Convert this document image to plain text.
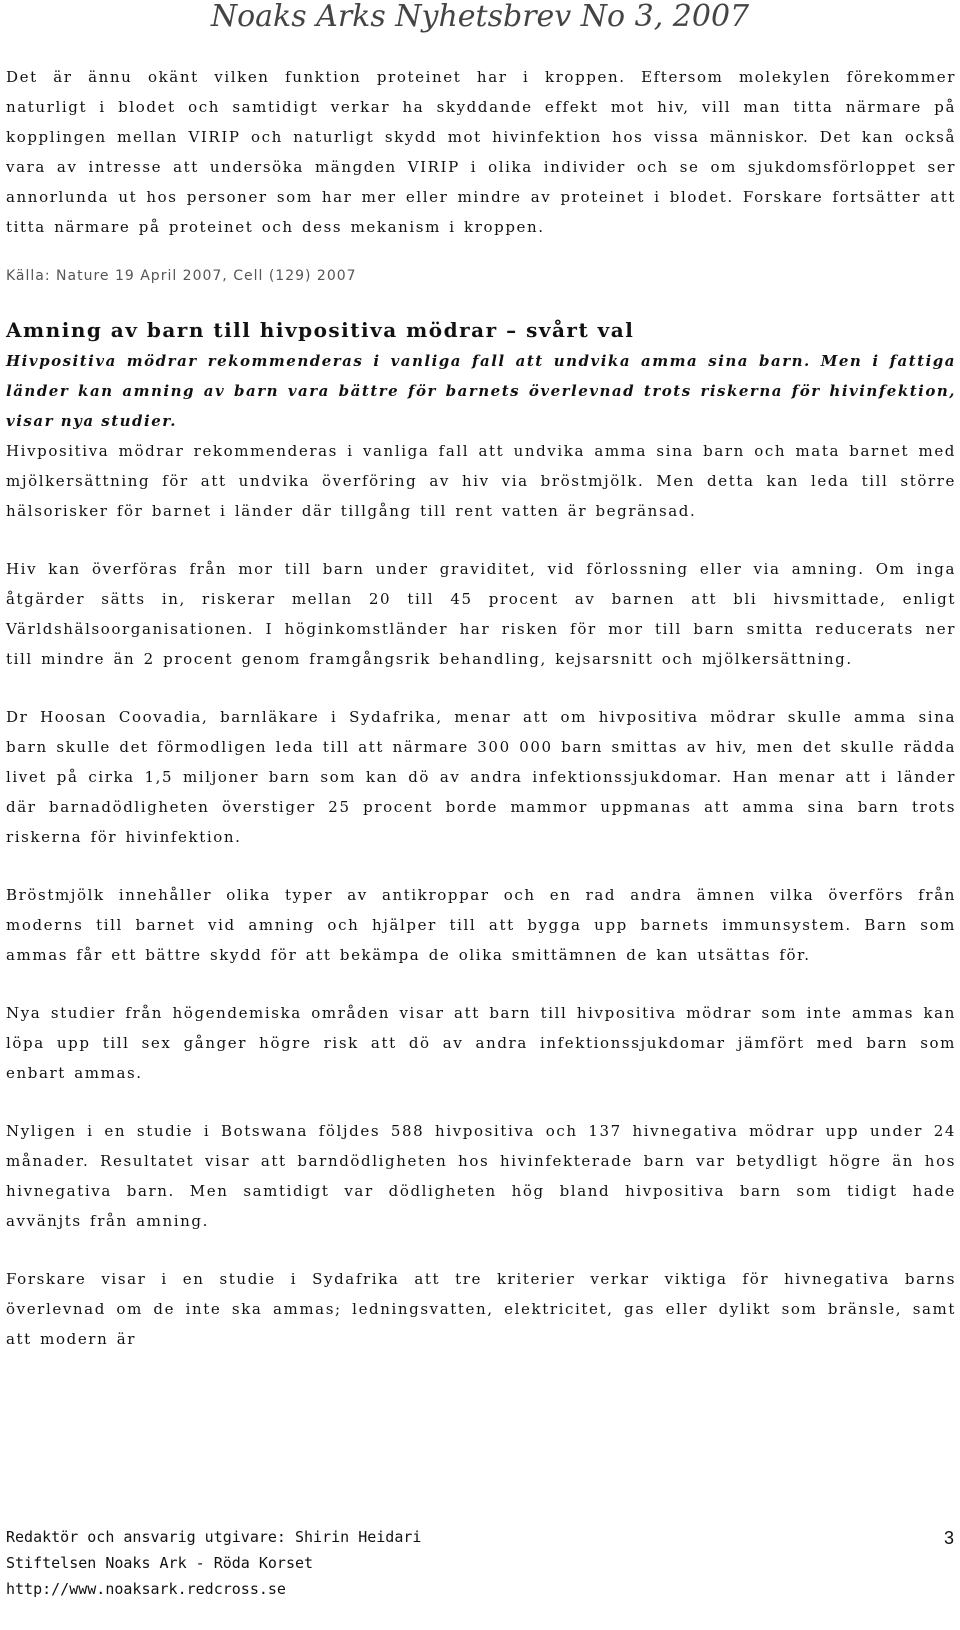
Noaks Arks Nyhetsbrev No 3, 2007

Det är ännu okänt vilken funktion proteinet har i kroppen. Eftersom molekylen förekommer naturligt i blodet och samtidigt verkar ha skyddande effekt mot hiv, vill man titta närmare på kopplingen mellan VIRIP och naturligt skydd mot hivinfektion hos vissa människor. Det kan också vara av intresse att undersöka mängden VIRIP i olika individer och se om sjukdomsförloppet ser annorlunda ut hos personer som har mer eller mindre av proteinet i blodet. Forskare fortsätter att titta närmare på proteinet och dess mekanism i kroppen.

Källa: Nature 19 April 2007, Cell (129) 2007
Amning av barn till hivpositiva mödrar – svårt val

Hivpositiva mödrar rekommenderas i vanliga fall att undvika amma sina barn. Men i fattiga länder kan amning av barn vara bättre för barnets överlevnad trots riskerna för hivinfektion, visar nya studier.

Hivpositiva mödrar rekommenderas i vanliga fall att undvika amma sina barn och mata barnet med mjölkersättning för att undvika överföring av hiv via bröstmjölk. Men detta kan leda till större hälsorisker för barnet i länder där tillgång till rent vatten är begränsad.

Hiv kan överföras från mor till barn under graviditet, vid förlossning eller via amning. Om inga åtgärder sätts in, riskerar mellan 20 till 45 procent av barnen att bli hivsmittade, enligt Världshälsoorganisationen. I höginkomstländer har risken för mor till barn smitta reducerats ner till mindre än 2 procent genom framgångsrik behandling, kejsarsnitt och mjölkersättning.

Dr Hoosan Coovadia, barnläkare i Sydafrika, menar att om hivpositiva mödrar skulle amma sina barn skulle det förmodligen leda till att närmare 300 000 barn smittas av hiv, men det skulle rädda livet på cirka 1,5 miljoner barn som kan dö av andra infektionssjukdomar. Han menar att i länder där barnadödligheten överstiger 25 procent borde mammor uppmanas att amma sina barn trots riskerna för hivinfektion.

Bröstmjölk innehåller olika typer av antikroppar och en rad andra ämnen vilka överförs från moderns till barnet vid amning och hjälper till att bygga upp barnets immunsystem. Barn som ammas får ett bättre skydd för att bekämpa de olika smittämnen de kan utsättas för.

Nya studier från högendemiska områden visar att barn till hivpositiva mödrar som inte ammas kan löpa upp till sex gånger högre risk att dö av andra infektionssjukdomar jämfört med barn som enbart ammas.

Nyligen i en studie i Botswana följdes 588 hivpositiva och 137 hivnegativa mödrar upp under 24 månader. Resultatet visar att barndödligheten hos hivinfekterade barn var betydligt högre än hos hivnegativa barn. Men samtidigt var dödligheten hög bland hivpositiva barn som tidigt hade avvänjts från amning.

Forskare visar i en studie i Sydafrika att tre kriterier verkar viktiga för hivnegativa barns överlevnad om de inte ska ammas; ledningsvatten, elektricitet, gas eller dylikt som bränsle, samt att modern är

Redaktör och ansvarig utgivare: Shirin Heidari
Stiftelsen Noaks Ark - Röda Korset
http://www.noaksark.redcross.se
3
